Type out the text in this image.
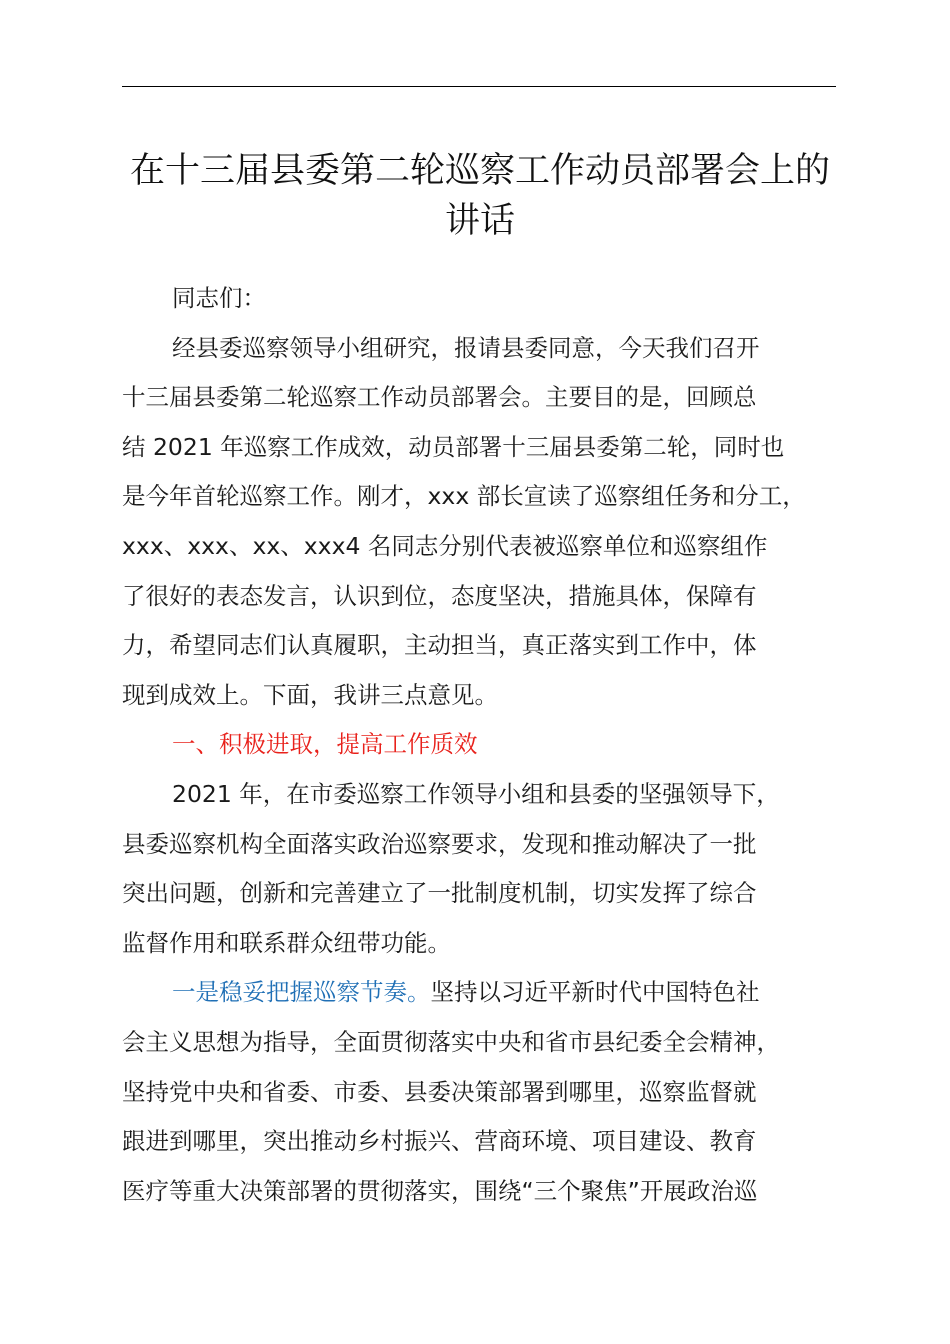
在十三届县委第二轮巡察工作动员部署会上的
讲话
同志们：
经县委巡察领导小组研究，报请县委同意，今天我们召开
十三届县委第二轮巡察工作动员部署会。主要目的是，回顾总
结 2021 年巡察工作成效，动员部署十三届县委第二轮，同时也
是今年首轮巡察工作。刚才，xxx 部长宣读了巡察组任务和分工，
xxx、xxx、xx、xxx4 名同志分别代表被巡察单位和巡察组作
了很好的表态发言，认识到位，态度坚决，措施具体，保障有
力，希望同志们认真履职，主动担当，真正落实到工作中，体
现到成效上。下面，我讲三点意见。
一、积极进取，提高工作质效
2021 年，在市委巡察工作领导小组和县委的坚强领导下，
县委巡察机构全面落实政治巡察要求，发现和推动解决了一批
突出问题，创新和完善建立了一批制度机制，切实发挥了综合
监督作用和联系群众纽带功能。
一是稳妥把握巡察节奏。坚持以习近平新时代中国特色社
会主义思想为指导，全面贯彻落实中央和省市县纪委全会精神，
坚持党中央和省委、市委、县委决策部署到哪里，巡察监督就
跟进到哪里，突出推动乡村振兴、营商环境、项目建设、教育
医疗等重大决策部署的贯彻落实，围绕“三个聚焦”开展政治巡
